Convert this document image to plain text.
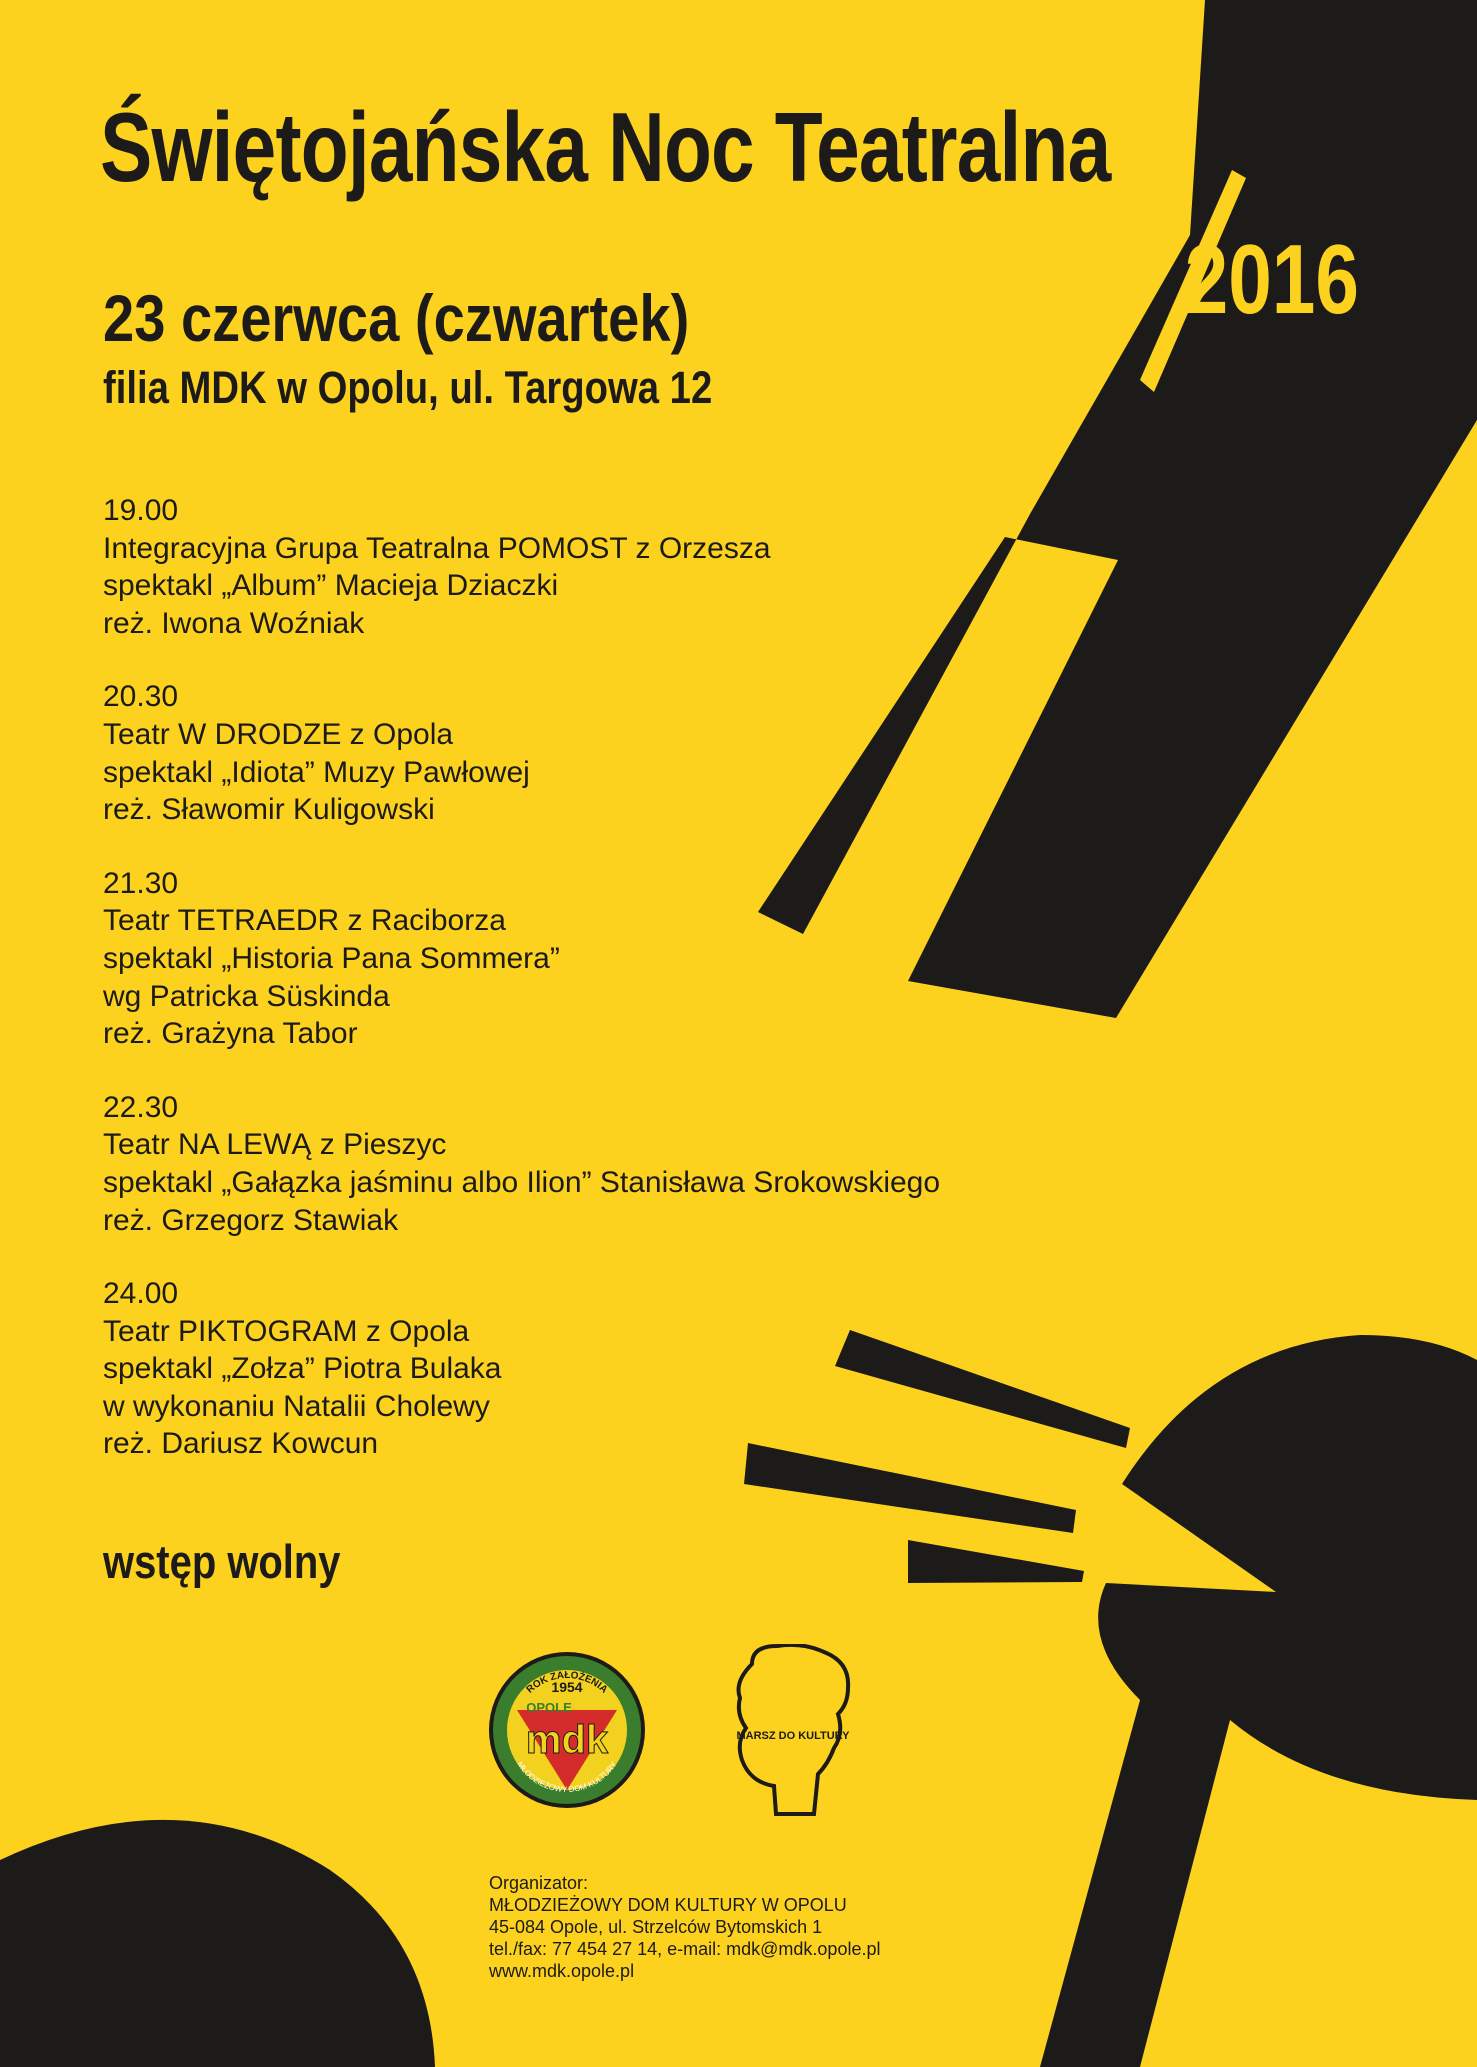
Świętojańska Noc Teatralna
2016
23 czerwca (czwartek)
filia MDK w Opolu, ul. Targowa 12
19.00
Integracyjna Grupa Teatralna POMOST z Orzesza
spektakl „Album” Macieja Dziaczki
reż. Iwona Woźniak
20.30
Teatr W DRODZE z Opola
spektakl „Idiota” Muzy Pawłowej
reż. Sławomir Kuligowski
21.30
Teatr TETRAEDR z Raciborza
spektakl „Historia Pana Sommera”
wg Patricka Süskinda
reż. Grażyna Tabor
22.30
Teatr NA LEWĄ z Pieszyc
spektakl „Gałązka jaśminu albo Ilion” Stanisława Srokowskiego
reż. Grzegorz Stawiak
24.00
Teatr PIKTOGRAM z Opola
spektakl „Zołza” Piotra Bulaka
w wykonaniu Natalii Cholewy
reż. Dariusz Kowcun
wstęp wolny
ROK ZAŁOŻENIA
1954
OPOLE
mdk
MŁODZIEŻOWY DOM KULTURY
MARSZ DO KULTURY
Organizator:
MŁODZIEŻOWY DOM KULTURY W OPOLU
45-084 Opole, ul. Strzelców Bytomskich 1
tel./fax: 77 454 27 14, e-mail: mdk@mdk.opole.pl
www.mdk.opole.pl
